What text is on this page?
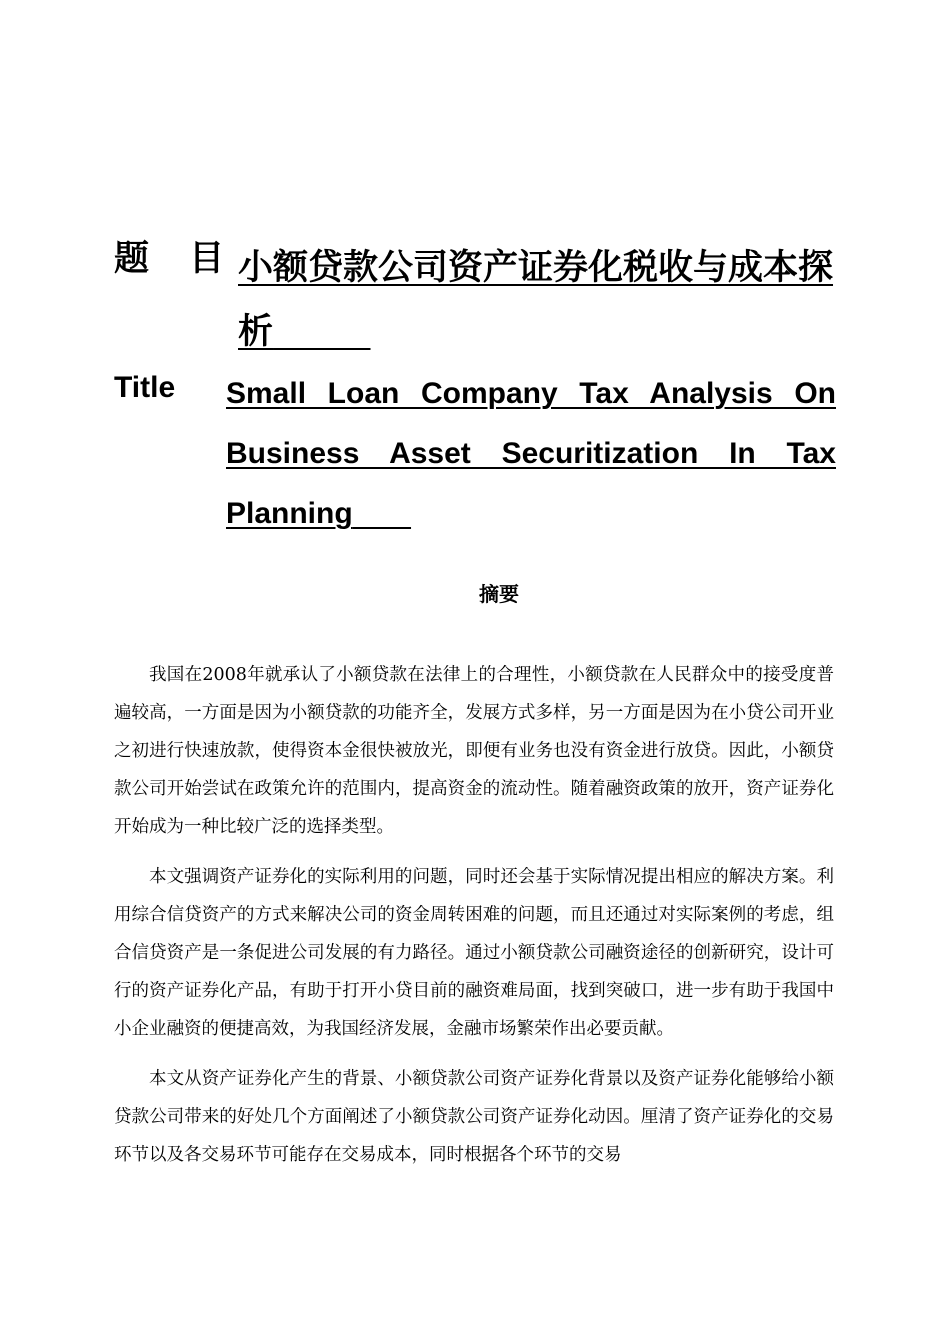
题 目 小额贷款公司资产证券化税收与成本探析
Title Small Loan Company Tax Analysis On Business Asset Securitization In Tax Planning
摘要

我国在2008年就承认了小额贷款在法律上的合理性，小额贷款在人民群众中的接受度普遍较高，一方面是因为小额贷款的功能齐全，发展方式多样，另一方面是因为在小贷公司开业之初进行快速放款，使得资本金很快被放光，即便有业务也没有资金进行放贷。因此，小额贷款公司开始尝试在政策允许的范围内，提高资金的流动性。随着融资政策的放开，资产证券化开始成为一种比较广泛的选择类型。

本文强调资产证券化的实际利用的问题，同时还会基于实际情况提出相应的解决方案。利用综合信贷资产的方式来解决公司的资金周转困难的问题，而且还通过对实际案例的考虑，组合信贷资产是一条促进公司发展的有力路径。通过小额贷款公司融资途径的创新研究，设计可行的资产证券化产品，有助于打开小贷目前的融资难局面，找到突破口，进一步有助于我国中小企业融资的便捷高效，为我国经济发展，金融市场繁荣作出必要贡献。

本文从资产证券化产生的背景、小额贷款公司资产证券化背景以及资产证券化能够给小额贷款公司带来的好处几个方面阐述了小额贷款公司资产证券化动因。厘清了资产证券化的交易环节以及各交易环节可能存在交易成本，同时根据各个环节的交易
